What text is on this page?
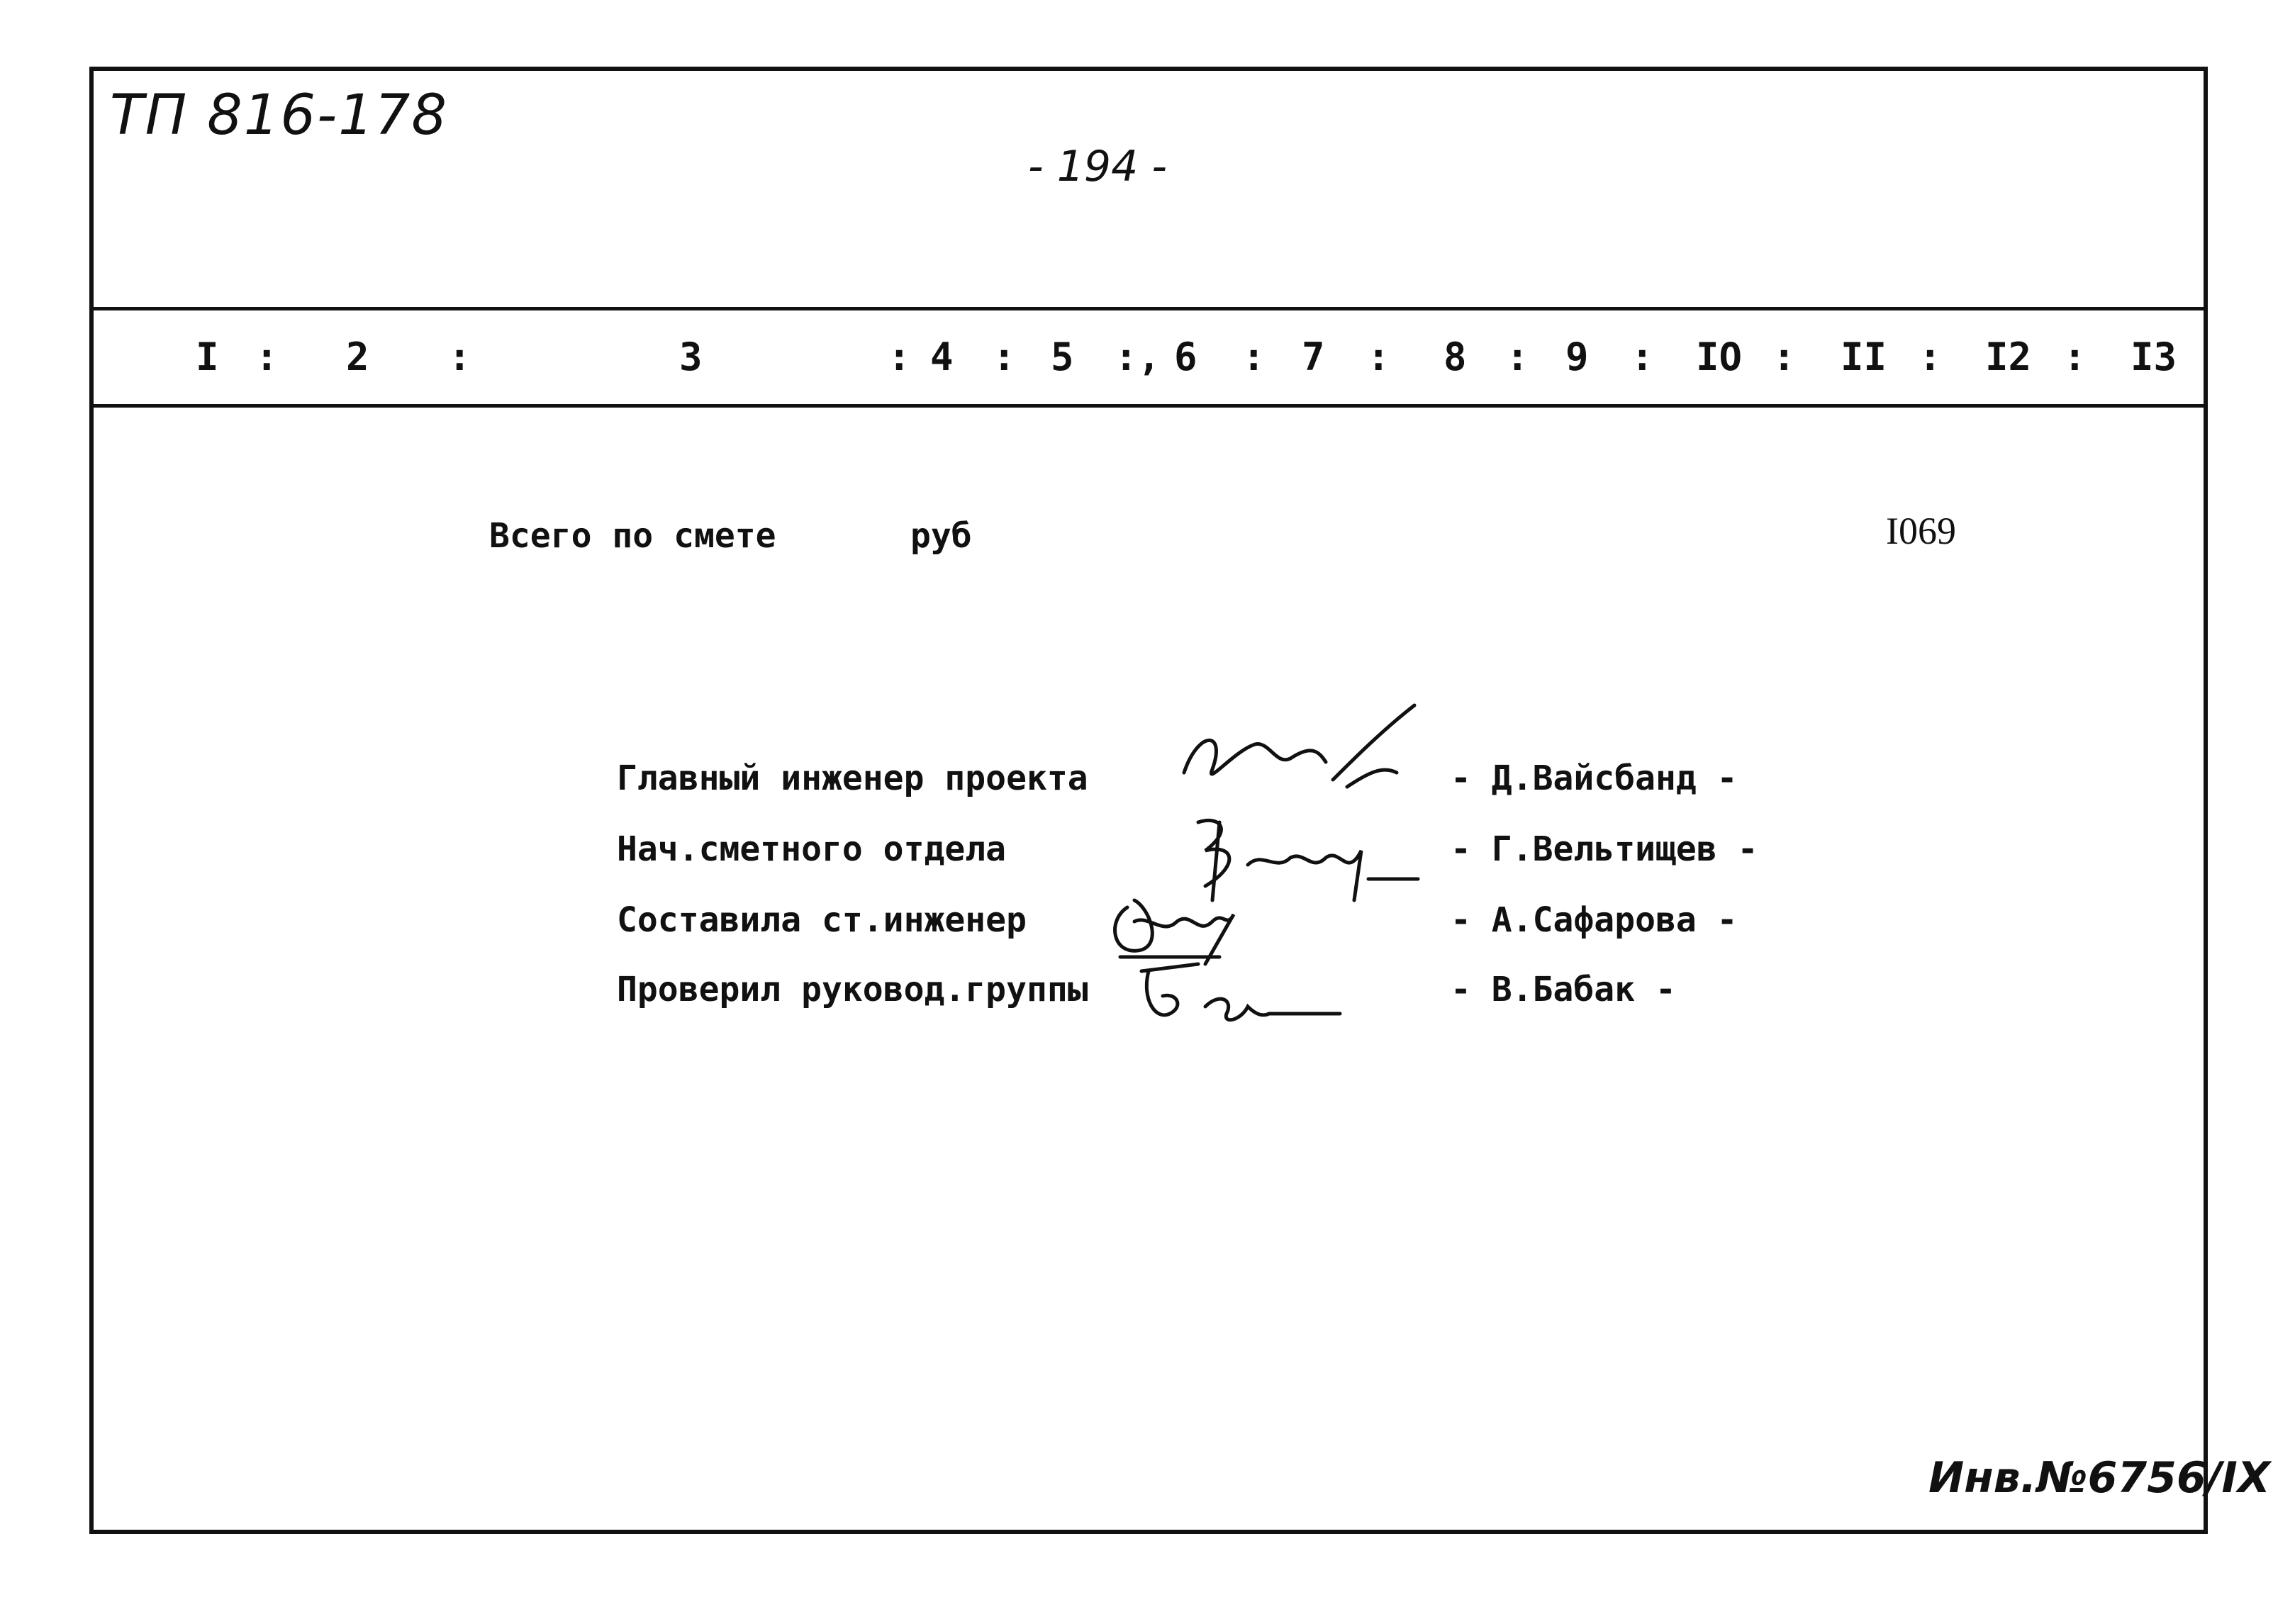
ТП 816-178
- 194 -
I : 2 :	3	: 4 : 5 :, 6 : 7 : 8 : 9 : IO : II : I2 : I3
Всего по смете	руб	I069
Главный инженер проекта	- Д.Вайсбанд -
Нач.сметного отдела	- Г.Вельтищев -
Составила ст.инженер	- А.Сафарова -
Проверил руковод.группы	- В.Бабак -
Инв.№6756/IX
